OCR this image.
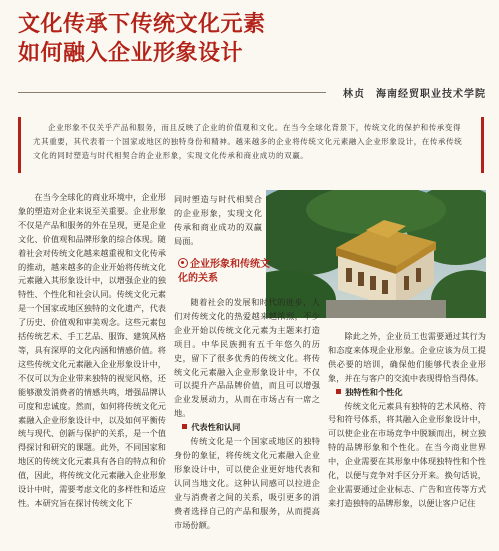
文化传承下传统文化元素
如何融入企业形象设计
林贞　海南经贸职业技术学院

企业形象不仅关乎产品和服务，而且反映了企业的价值观和文化。在当今全球化背景下，传统文化的保护和传承变得尤其重要，其代表着一个国家或地区的独特身份和精神。越来越多的企业将传统文化元素融入企业形象设计，在传承传统文化的同时塑造与时代相契合的企业形象，实现文化传承和商业成功的双赢。

在当今全球化的商业环境中，企业形象的塑造对企业来说至关重要。企业形象不仅是产品和服务的外在呈现，更是企业文化、价值观和品牌形象的综合体现。随着社会对传统文化越来越重视和文化传承的推动，越来越多的企业开始将传统文化元素融入其形象设计中，以增强企业的独特性、个性化和社会认同。传统文化元素是一个国家或地区独特的文化遗产，代表了历史、价值观和审美观念。这些元素包括传统艺术、手工艺品、服饰、建筑风格等，具有深厚的文化内涵和情感价值。将这些传统文化元素融入企业形象设计中，不仅可以为企业带来独特的视觉风格，还能够激发消费者的情感共鸣，增强品牌认可度和忠诚度。然而，如何将传统文化元素融入企业形象设计中，以及如何平衡传统与现代、创新与保护的关系，是一个值得探讨和研究的课题。此外，不同国家和地区的传统文化元素具有各自的特点和价值，因此，将传统文化元素融入企业形象设计中时，需要考虑文化的多样性和适应性。本研究旨在探讨传统文化下

同时塑造与时代相契合的企业形象，实现文化传承和商业成功的双赢局面。

企业形象和传统文化的关系

随着社会的发展和时代的进步，人们对传统文化的热爱越来越浓烈，不少企业开始以传统文化元素为主题来打造项目。中华民族拥有五千年悠久的历史，留下了很多优秀的传统文化。将传统文化元素融入企业形象设计中，不仅可以提升产品品牌价值，而且可以增强企业发展动力，从而在市场占有一席之地。

代表性和认同

传统文化是一个国家或地区的独特身份的象征，将传统文化元素融入企业形象设计中，可以使企业更好地代表和认同当地文化。这种认同感可以拉进企业与消费者之间的关系，吸引更多的消费者选择自己的产品和服务，从而提高市场份额。

除此之外，企业员工也需要通过其行为和态度来体现企业形象。企业应该为员工提供必要的培训，确保他们能够代表企业形象，并在与客户的交流中表现得恰当得体。

独特性和个性化

传统文化元素具有独特的艺术风格、符号和符号体系，将其融入企业形象设计中，可以使企业在市场竞争中脱颖而出，树立独特的品牌形象和个性化。在当今商业世界中，企业需要在其形象中体现独特性和个性化，以便与竞争对手区分开来。换句话说，企业需要通过企业标志、广告和宣传等方式来打造独特的品牌形象，以便让客户记住
